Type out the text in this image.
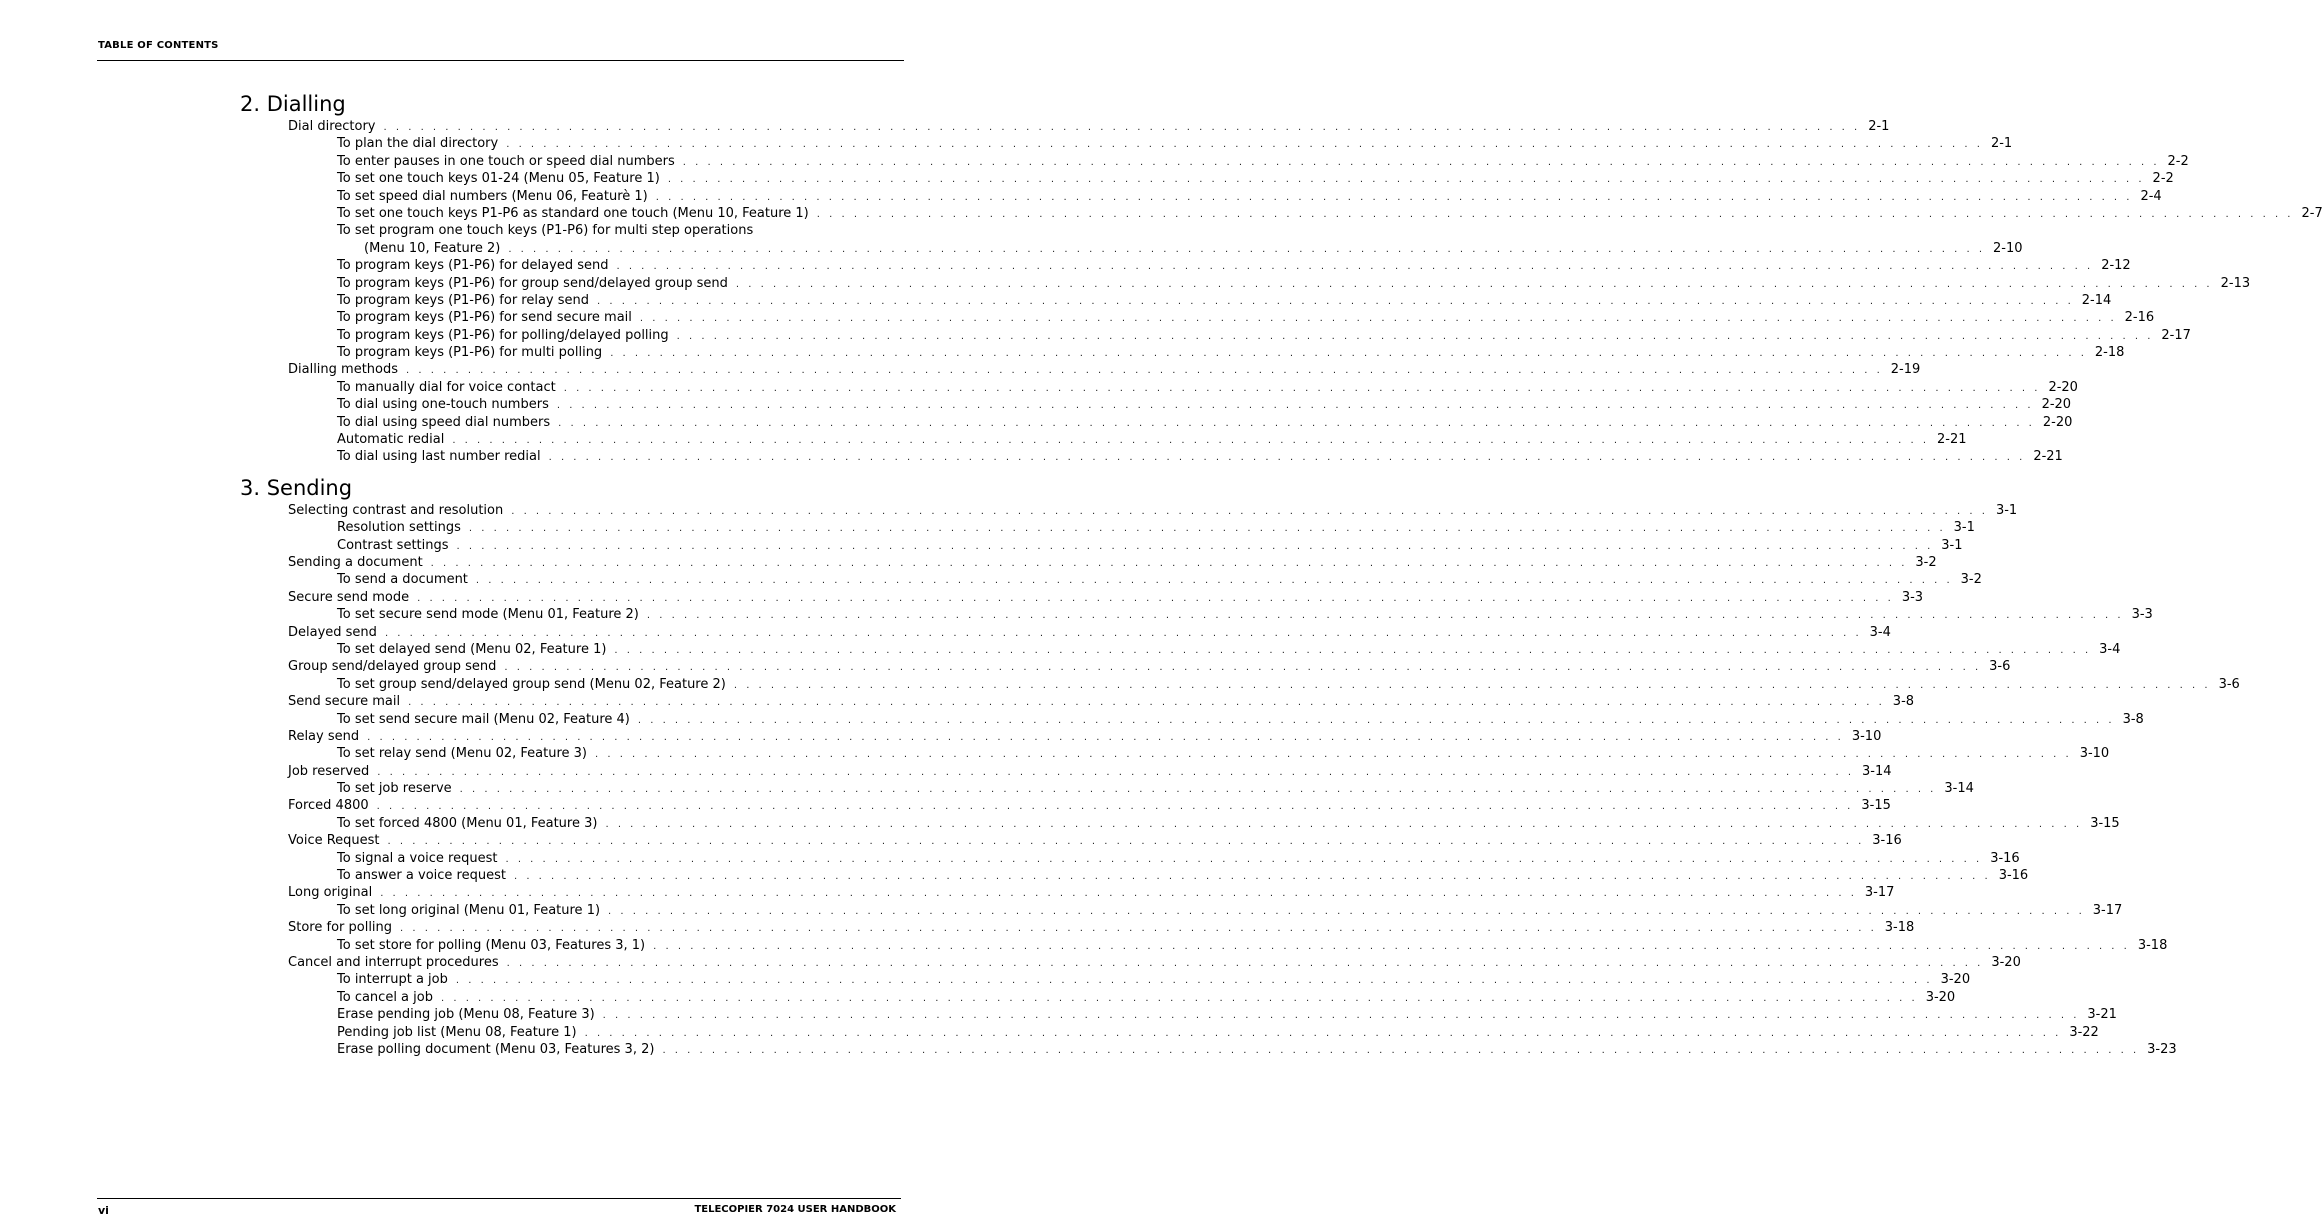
TABLE OF CONTENTS
2. Dialling
Dial directory . . . . . . . . . . . . . . . . . . . . . . . . . . . . . . . . . . . . . . . . . . . . . . . . . . . . . . . . . . . . . . . . . . . . . . . . . . . . . . . . . . . . . . . . . . . . . . . . . . . . . . . . . . . . . . . . . . . . . . . . 2-1
To plan the dial directory . . . . . . . . . . . . . . . . . . . . . . . . . . . . . . . . . . . . . . . . . . . . . . . . . . . . . . . . . . . . . . . . . . . . . . . . . . . . . . . . . . . . . . . . . . . . . . . . . . . . . . . . . . . . . . . . . . . . . . . . 2-1
To enter pauses in one touch or speed dial numbers . . . . . . . . . . . . . . . . . . . . . . . . . . . . . . . . . . . . . . . . . . . . . . . . . . . . . . . . . . . . . . . . . . . . . . . . . . . . . . . . . . . . . . . . . . . . . . . . . . . . . . . . . . . . . . . . . . . . . . . . 2-2
To set one touch keys 01-24 (Menu 05, Feature 1) . . . . . . . . . . . . . . . . . . . . . . . . . . . . . . . . . . . . . . . . . . . . . . . . . . . . . . . . . . . . . . . . . . . . . . . . . . . . . . . . . . . . . . . . . . . . . . . . . . . . . . . . . . . . . . . . . . . . . . . . 2-2
To set speed dial numbers (Menu 06, Featurè 1) . . . . . . . . . . . . . . . . . . . . . . . . . . . . . . . . . . . . . . . . . . . . . . . . . . . . . . . . . . . . . . . . . . . . . . . . . . . . . . . . . . . . . . . . . . . . . . . . . . . . . . . . . . . . . . . . . . . . . . . . 2-4
To set one touch keys P1-P6 as standard one touch (Menu 10, Feature 1) . . . . . . . . . . . . . . . . . . . . . . . . . . . . . . . . . . . . . . . . . . . . . . . . . . . . . . . . . . . . . . . . . . . . . . . . . . . . . . . . . . . . . . . . . . . . . . . . . . . . . . . . . . . . . . . . . . . . . . . . 2-7
To set program one touch keys (P1-P6) for multi step operations
(Menu 10, Feature 2) . . . . . . . . . . . . . . . . . . . . . . . . . . . . . . . . . . . . . . . . . . . . . . . . . . . . . . . . . . . . . . . . . . . . . . . . . . . . . . . . . . . . . . . . . . . . . . . . . . . . . . . . . . . . . . . . . . . . . . . . 2-10
To program keys (P1-P6) for delayed send . . . . . . . . . . . . . . . . . . . . . . . . . . . . . . . . . . . . . . . . . . . . . . . . . . . . . . . . . . . . . . . . . . . . . . . . . . . . . . . . . . . . . . . . . . . . . . . . . . . . . . . . . . . . . . . . . . . . . . . . 2-12
To program keys (P1-P6) for group send/delayed group send . . . . . . . . . . . . . . . . . . . . . . . . . . . . . . . . . . . . . . . . . . . . . . . . . . . . . . . . . . . . . . . . . . . . . . . . . . . . . . . . . . . . . . . . . . . . . . . . . . . . . . . . . . . . . . . . . . . . . . . . 2-13
To program keys (P1-P6) for relay send . . . . . . . . . . . . . . . . . . . . . . . . . . . . . . . . . . . . . . . . . . . . . . . . . . . . . . . . . . . . . . . . . . . . . . . . . . . . . . . . . . . . . . . . . . . . . . . . . . . . . . . . . . . . . . . . . . . . . . . . 2-14
To program keys (P1-P6) for send secure mail . . . . . . . . . . . . . . . . . . . . . . . . . . . . . . . . . . . . . . . . . . . . . . . . . . . . . . . . . . . . . . . . . . . . . . . . . . . . . . . . . . . . . . . . . . . . . . . . . . . . . . . . . . . . . . . . . . . . . . . . 2-16
To program keys (P1-P6) for polling/delayed polling . . . . . . . . . . . . . . . . . . . . . . . . . . . . . . . . . . . . . . . . . . . . . . . . . . . . . . . . . . . . . . . . . . . . . . . . . . . . . . . . . . . . . . . . . . . . . . . . . . . . . . . . . . . . . . . . . . . . . . . . 2-17
To program keys (P1-P6) for multi polling . . . . . . . . . . . . . . . . . . . . . . . . . . . . . . . . . . . . . . . . . . . . . . . . . . . . . . . . . . . . . . . . . . . . . . . . . . . . . . . . . . . . . . . . . . . . . . . . . . . . . . . . . . . . . . . . . . . . . . . . 2-18
Dialling methods . . . . . . . . . . . . . . . . . . . . . . . . . . . . . . . . . . . . . . . . . . . . . . . . . . . . . . . . . . . . . . . . . . . . . . . . . . . . . . . . . . . . . . . . . . . . . . . . . . . . . . . . . . . . . . . . . . . . . . . . 2-19
To manually dial for voice contact . . . . . . . . . . . . . . . . . . . . . . . . . . . . . . . . . . . . . . . . . . . . . . . . . . . . . . . . . . . . . . . . . . . . . . . . . . . . . . . . . . . . . . . . . . . . . . . . . . . . . . . . . . . . . . . . . . . . . . . . 2-20
To dial using one-touch numbers . . . . . . . . . . . . . . . . . . . . . . . . . . . . . . . . . . . . . . . . . . . . . . . . . . . . . . . . . . . . . . . . . . . . . . . . . . . . . . . . . . . . . . . . . . . . . . . . . . . . . . . . . . . . . . . . . . . . . . . . 2-20
To dial using speed dial numbers . . . . . . . . . . . . . . . . . . . . . . . . . . . . . . . . . . . . . . . . . . . . . . . . . . . . . . . . . . . . . . . . . . . . . . . . . . . . . . . . . . . . . . . . . . . . . . . . . . . . . . . . . . . . . . . . . . . . . . . . 2-20
Automatic redial . . . . . . . . . . . . . . . . . . . . . . . . . . . . . . . . . . . . . . . . . . . . . . . . . . . . . . . . . . . . . . . . . . . . . . . . . . . . . . . . . . . . . . . . . . . . . . . . . . . . . . . . . . . . . . . . . . . . . . . . 2-21
To dial using last number redial . . . . . . . . . . . . . . . . . . . . . . . . . . . . . . . . . . . . . . . . . . . . . . . . . . . . . . . . . . . . . . . . . . . . . . . . . . . . . . . . . . . . . . . . . . . . . . . . . . . . . . . . . . . . . . . . . . . . . . . . 2-21
3. Sending
Selecting contrast and resolution . . . . . . . . . . . . . . . . . . . . . . . . . . . . . . . . . . . . . . . . . . . . . . . . . . . . . . . . . . . . . . . . . . . . . . . . . . . . . . . . . . . . . . . . . . . . . . . . . . . . . . . . . . . . . . . . . . . . . . . . 3-1
Resolution settings . . . . . . . . . . . . . . . . . . . . . . . . . . . . . . . . . . . . . . . . . . . . . . . . . . . . . . . . . . . . . . . . . . . . . . . . . . . . . . . . . . . . . . . . . . . . . . . . . . . . . . . . . . . . . . . . . . . . . . . . 3-1
Contrast settings . . . . . . . . . . . . . . . . . . . . . . . . . . . . . . . . . . . . . . . . . . . . . . . . . . . . . . . . . . . . . . . . . . . . . . . . . . . . . . . . . . . . . . . . . . . . . . . . . . . . . . . . . . . . . . . . . . . . . . . . 3-1
Sending a document . . . . . . . . . . . . . . . . . . . . . . . . . . . . . . . . . . . . . . . . . . . . . . . . . . . . . . . . . . . . . . . . . . . . . . . . . . . . . . . . . . . . . . . . . . . . . . . . . . . . . . . . . . . . . . . . . . . . . . . . 3-2
To send a document . . . . . . . . . . . . . . . . . . . . . . . . . . . . . . . . . . . . . . . . . . . . . . . . . . . . . . . . . . . . . . . . . . . . . . . . . . . . . . . . . . . . . . . . . . . . . . . . . . . . . . . . . . . . . . . . . . . . . . . . 3-2
Secure send mode . . . . . . . . . . . . . . . . . . . . . . . . . . . . . . . . . . . . . . . . . . . . . . . . . . . . . . . . . . . . . . . . . . . . . . . . . . . . . . . . . . . . . . . . . . . . . . . . . . . . . . . . . . . . . . . . . . . . . . . . 3-3
To set secure send mode (Menu 01, Feature 2) . . . . . . . . . . . . . . . . . . . . . . . . . . . . . . . . . . . . . . . . . . . . . . . . . . . . . . . . . . . . . . . . . . . . . . . . . . . . . . . . . . . . . . . . . . . . . . . . . . . . . . . . . . . . . . . . . . . . . . . . 3-3
Delayed send . . . . . . . . . . . . . . . . . . . . . . . . . . . . . . . . . . . . . . . . . . . . . . . . . . . . . . . . . . . . . . . . . . . . . . . . . . . . . . . . . . . . . . . . . . . . . . . . . . . . . . . . . . . . . . . . . . . . . . . . 3-4
To set delayed send (Menu 02, Feature 1) . . . . . . . . . . . . . . . . . . . . . . . . . . . . . . . . . . . . . . . . . . . . . . . . . . . . . . . . . . . . . . . . . . . . . . . . . . . . . . . . . . . . . . . . . . . . . . . . . . . . . . . . . . . . . . . . . . . . . . . . 3-4
Group send/delayed group send . . . . . . . . . . . . . . . . . . . . . . . . . . . . . . . . . . . . . . . . . . . . . . . . . . . . . . . . . . . . . . . . . . . . . . . . . . . . . . . . . . . . . . . . . . . . . . . . . . . . . . . . . . . . . . . . . . . . . . . . 3-6
To set group send/delayed group send (Menu 02, Feature 2) . . . . . . . . . . . . . . . . . . . . . . . . . . . . . . . . . . . . . . . . . . . . . . . . . . . . . . . . . . . . . . . . . . . . . . . . . . . . . . . . . . . . . . . . . . . . . . . . . . . . . . . . . . . . . . . . . . . . . . . . 3-6
Send secure mail . . . . . . . . . . . . . . . . . . . . . . . . . . . . . . . . . . . . . . . . . . . . . . . . . . . . . . . . . . . . . . . . . . . . . . . . . . . . . . . . . . . . . . . . . . . . . . . . . . . . . . . . . . . . . . . . . . . . . . . . 3-8
To set send secure mail (Menu 02, Feature 4) . . . . . . . . . . . . . . . . . . . . . . . . . . . . . . . . . . . . . . . . . . . . . . . . . . . . . . . . . . . . . . . . . . . . . . . . . . . . . . . . . . . . . . . . . . . . . . . . . . . . . . . . . . . . . . . . . . . . . . . . 3-8
Relay send . . . . . . . . . . . . . . . . . . . . . . . . . . . . . . . . . . . . . . . . . . . . . . . . . . . . . . . . . . . . . . . . . . . . . . . . . . . . . . . . . . . . . . . . . . . . . . . . . . . . . . . . . . . . . . . . . . . . . . . . 3-10
To set relay send (Menu 02, Feature 3) . . . . . . . . . . . . . . . . . . . . . . . . . . . . . . . . . . . . . . . . . . . . . . . . . . . . . . . . . . . . . . . . . . . . . . . . . . . . . . . . . . . . . . . . . . . . . . . . . . . . . . . . . . . . . . . . . . . . . . . . 3-10
Job reserved . . . . . . . . . . . . . . . . . . . . . . . . . . . . . . . . . . . . . . . . . . . . . . . . . . . . . . . . . . . . . . . . . . . . . . . . . . . . . . . . . . . . . . . . . . . . . . . . . . . . . . . . . . . . . . . . . . . . . . . . 3-14
To set job reserve . . . . . . . . . . . . . . . . . . . . . . . . . . . . . . . . . . . . . . . . . . . . . . . . . . . . . . . . . . . . . . . . . . . . . . . . . . . . . . . . . . . . . . . . . . . . . . . . . . . . . . . . . . . . . . . . . . . . . . . . 3-14
Forced 4800 . . . . . . . . . . . . . . . . . . . . . . . . . . . . . . . . . . . . . . . . . . . . . . . . . . . . . . . . . . . . . . . . . . . . . . . . . . . . . . . . . . . . . . . . . . . . . . . . . . . . . . . . . . . . . . . . . . . . . . . . 3-15
To set forced 4800 (Menu 01, Feature 3) . . . . . . . . . . . . . . . . . . . . . . . . . . . . . . . . . . . . . . . . . . . . . . . . . . . . . . . . . . . . . . . . . . . . . . . . . . . . . . . . . . . . . . . . . . . . . . . . . . . . . . . . . . . . . . . . . . . . . . . . 3-15
Voice Request . . . . . . . . . . . . . . . . . . . . . . . . . . . . . . . . . . . . . . . . . . . . . . . . . . . . . . . . . . . . . . . . . . . . . . . . . . . . . . . . . . . . . . . . . . . . . . . . . . . . . . . . . . . . . . . . . . . . . . . . 3-16
To signal a voice request . . . . . . . . . . . . . . . . . . . . . . . . . . . . . . . . . . . . . . . . . . . . . . . . . . . . . . . . . . . . . . . . . . . . . . . . . . . . . . . . . . . . . . . . . . . . . . . . . . . . . . . . . . . . . . . . . . . . . . . . 3-16
To answer a voice request . . . . . . . . . . . . . . . . . . . . . . . . . . . . . . . . . . . . . . . . . . . . . . . . . . . . . . . . . . . . . . . . . . . . . . . . . . . . . . . . . . . . . . . . . . . . . . . . . . . . . . . . . . . . . . . . . . . . . . . . 3-16
Long original . . . . . . . . . . . . . . . . . . . . . . . . . . . . . . . . . . . . . . . . . . . . . . . . . . . . . . . . . . . . . . . . . . . . . . . . . . . . . . . . . . . . . . . . . . . . . . . . . . . . . . . . . . . . . . . . . . . . . . . . 3-17
To set long original (Menu 01, Feature 1) . . . . . . . . . . . . . . . . . . . . . . . . . . . . . . . . . . . . . . . . . . . . . . . . . . . . . . . . . . . . . . . . . . . . . . . . . . . . . . . . . . . . . . . . . . . . . . . . . . . . . . . . . . . . . . . . . . . . . . . . 3-17
Store for polling . . . . . . . . . . . . . . . . . . . . . . . . . . . . . . . . . . . . . . . . . . . . . . . . . . . . . . . . . . . . . . . . . . . . . . . . . . . . . . . . . . . . . . . . . . . . . . . . . . . . . . . . . . . . . . . . . . . . . . . . 3-18
To set store for polling (Menu 03, Features 3, 1) . . . . . . . . . . . . . . . . . . . . . . . . . . . . . . . . . . . . . . . . . . . . . . . . . . . . . . . . . . . . . . . . . . . . . . . . . . . . . . . . . . . . . . . . . . . . . . . . . . . . . . . . . . . . . . . . . . . . . . . . 3-18
Cancel and interrupt procedures . . . . . . . . . . . . . . . . . . . . . . . . . . . . . . . . . . . . . . . . . . . . . . . . . . . . . . . . . . . . . . . . . . . . . . . . . . . . . . . . . . . . . . . . . . . . . . . . . . . . . . . . . . . . . . . . . . . . . . . . 3-20
To interrupt a job . . . . . . . . . . . . . . . . . . . . . . . . . . . . . . . . . . . . . . . . . . . . . . . . . . . . . . . . . . . . . . . . . . . . . . . . . . . . . . . . . . . . . . . . . . . . . . . . . . . . . . . . . . . . . . . . . . . . . . . . 3-20
To cancel a job . . . . . . . . . . . . . . . . . . . . . . . . . . . . . . . . . . . . . . . . . . . . . . . . . . . . . . . . . . . . . . . . . . . . . . . . . . . . . . . . . . . . . . . . . . . . . . . . . . . . . . . . . . . . . . . . . . . . . . . . 3-20
Erase pending job (Menu 08, Feature 3) . . . . . . . . . . . . . . . . . . . . . . . . . . . . . . . . . . . . . . . . . . . . . . . . . . . . . . . . . . . . . . . . . . . . . . . . . . . . . . . . . . . . . . . . . . . . . . . . . . . . . . . . . . . . . . . . . . . . . . . . 3-21
Pending job list (Menu 08, Feature 1) . . . . . . . . . . . . . . . . . . . . . . . . . . . . . . . . . . . . . . . . . . . . . . . . . . . . . . . . . . . . . . . . . . . . . . . . . . . . . . . . . . . . . . . . . . . . . . . . . . . . . . . . . . . . . . . . . . . . . . . . 3-22
Erase polling document (Menu 03, Features 3, 2) . . . . . . . . . . . . . . . . . . . . . . . . . . . . . . . . . . . . . . . . . . . . . . . . . . . . . . . . . . . . . . . . . . . . . . . . . . . . . . . . . . . . . . . . . . . . . . . . . . . . . . . . . . . . . . . . . . . . . . . . 3-23
vi	TELECOPIER 7024 USER HANDBOOK
